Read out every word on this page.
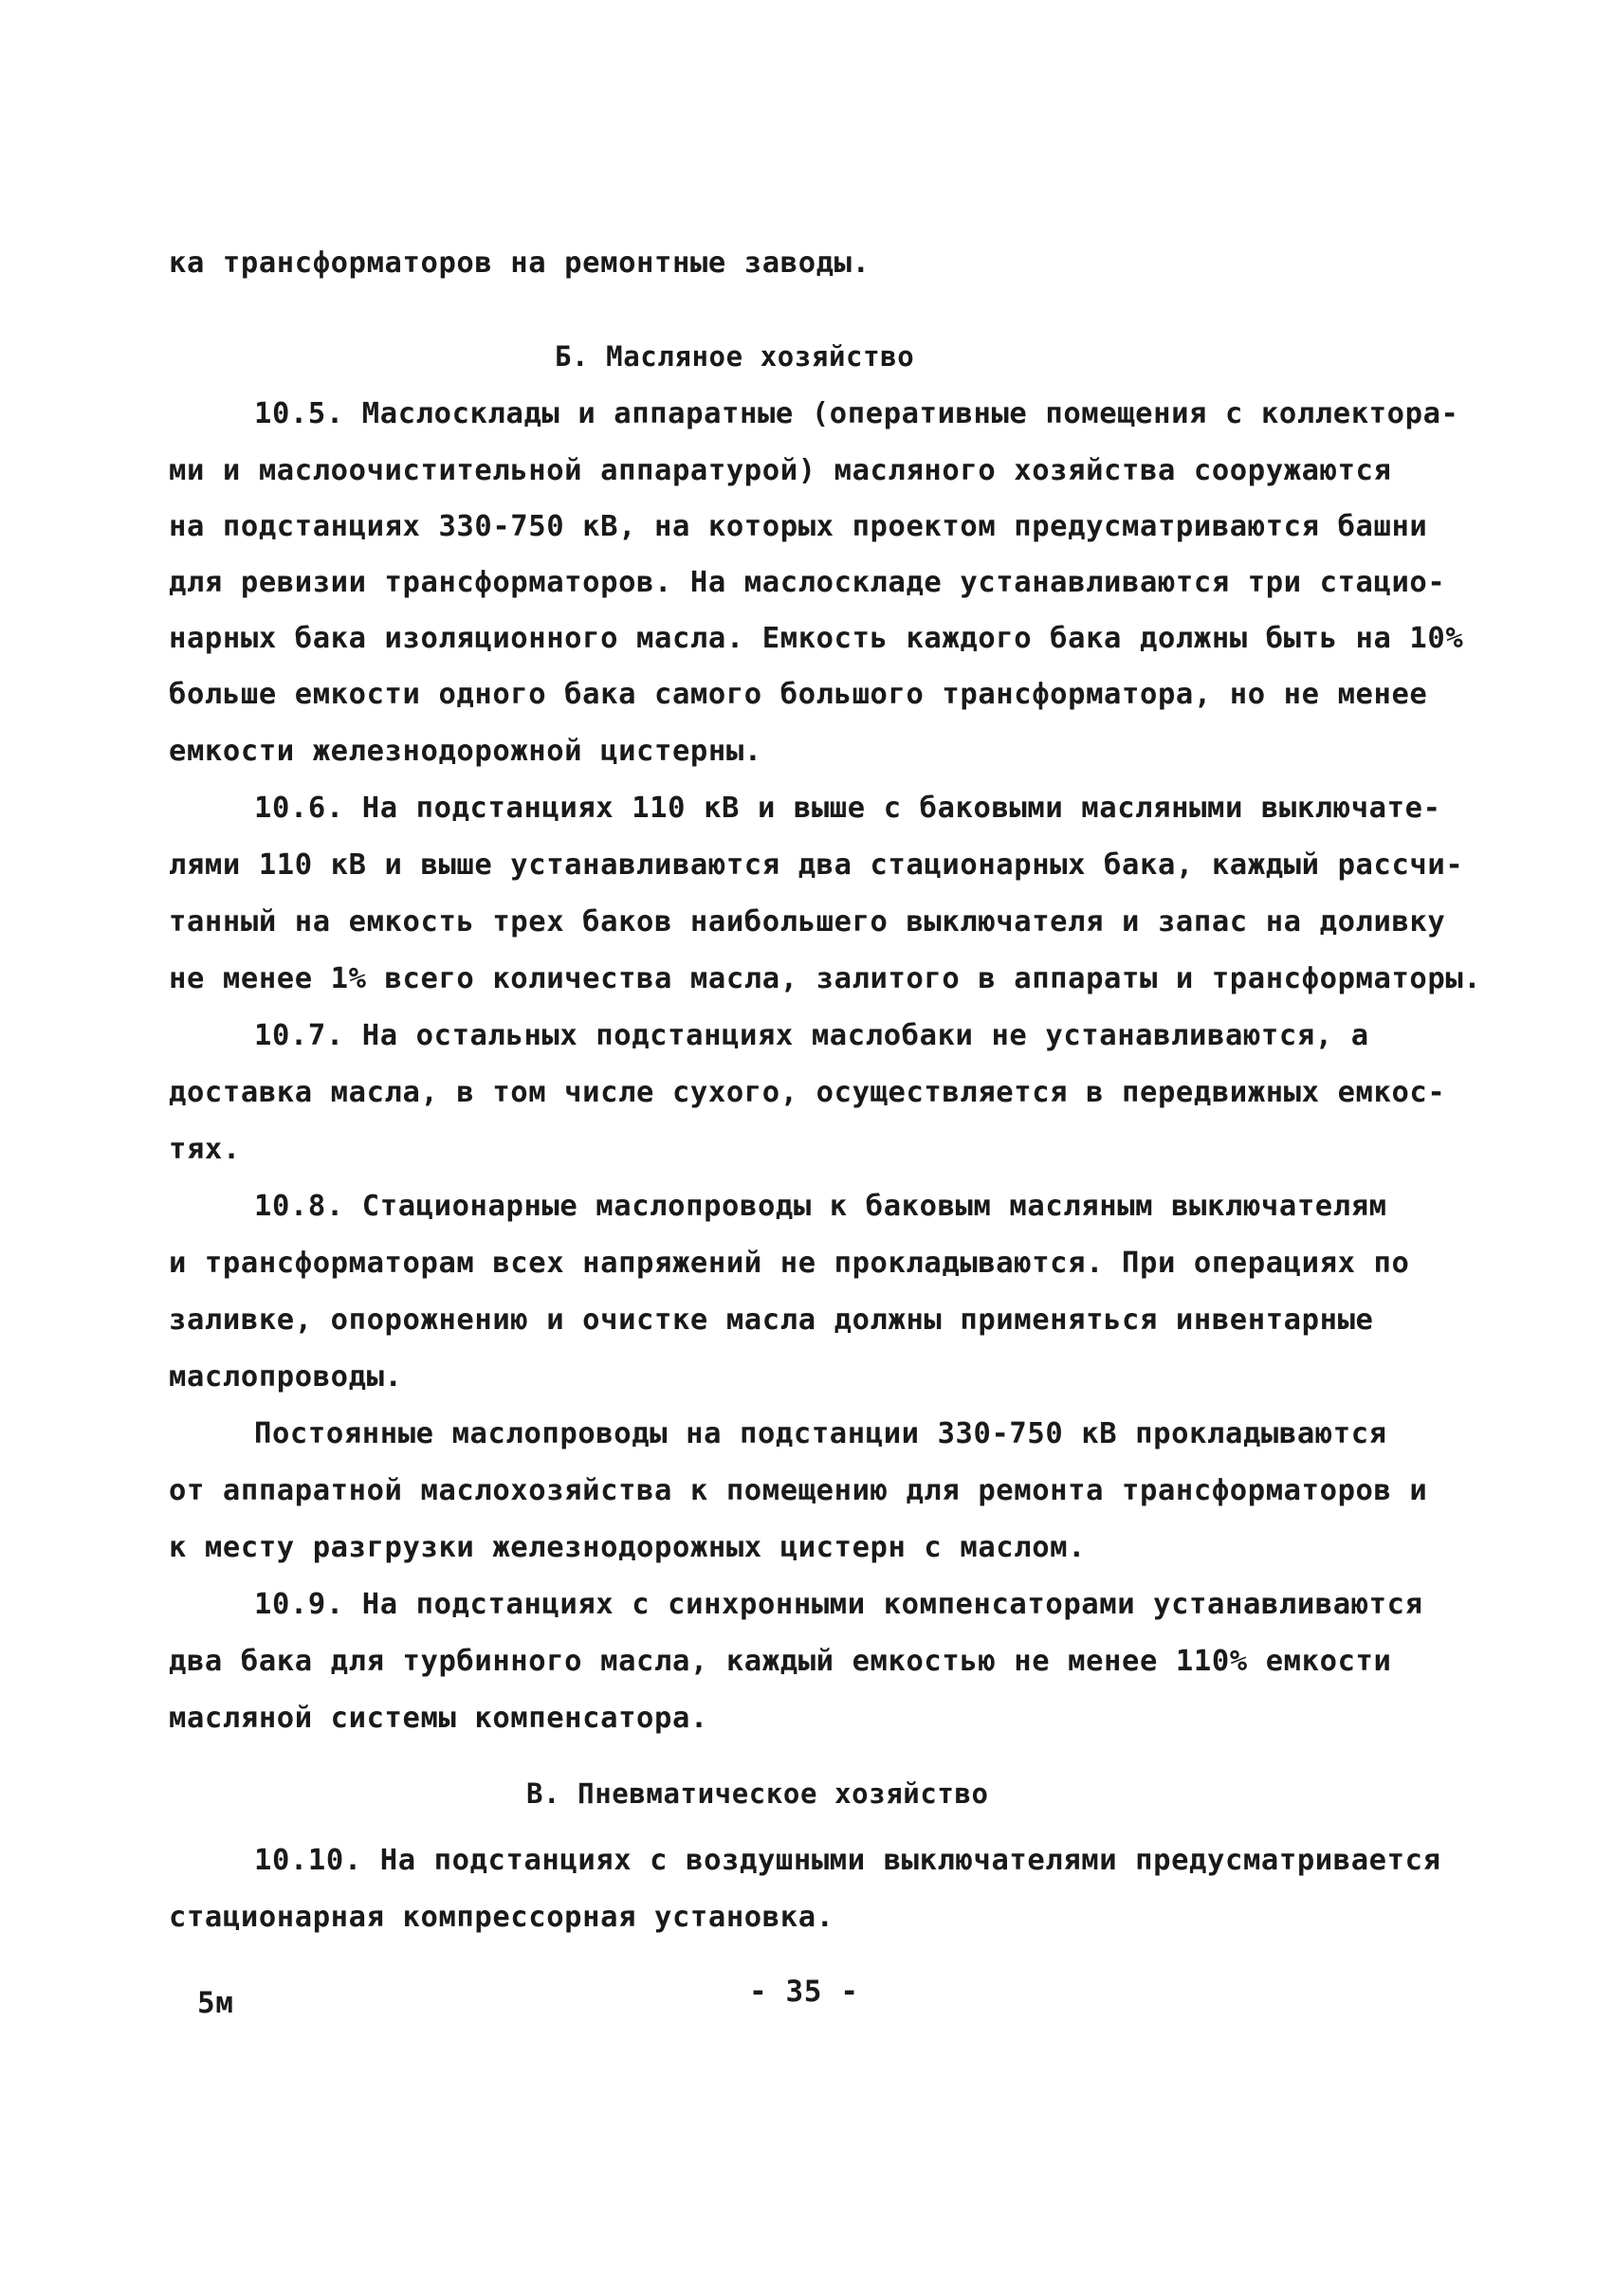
ка трансформаторов на ремонтные заводы.
Б. Масляное хозяйство
10.5. Маслосклады и аппаратные (оперативные помещения с коллектора-
ми и маслоочистительной аппаратурой) масляного хозяйства сооружаются
на подстанциях 330-750 кВ, на которых проектом предусматриваются башни
для ревизии трансформаторов. На маслоскладе устанавливаются три стацио-
нарных бака изоляционного масла. Емкость каждого бака должны быть на 10%
больше емкости одного бака самого большого трансформатора, но не менее
емкости железнодорожной цистерны.
10.6. На подстанциях 110 кВ и выше с баковыми масляными выключате-
лями 110 кВ и выше устанавливаются два стационарных бака, каждый рассчи-
танный на емкость трех баков наибольшего выключателя и запас на доливку
не менее 1% всего количества масла, залитого в аппараты и трансформаторы.
10.7. На остальных подстанциях маслобаки не устанавливаются, а
доставка масла, в том числе сухого, осуществляется в передвижных емкос-
тях.
10.8. Стационарные маслопроводы к баковым масляным выключателям
и трансформаторам всех напряжений не прокладываются. При операциях по
заливке, опорожнению и очистке масла должны применяться инвентарные
маслопроводы.
Постоянные маслопроводы на подстанции 330-750 кВ прокладываются
от аппаратной маслохозяйства к помещению для ремонта трансформаторов и
к месту разгрузки железнодорожных цистерн с маслом.
10.9. На подстанциях с синхронными компенсаторами устанавливаются
два бака для турбинного масла, каждый емкостью не менее 110% емкости
масляной системы компенсатора.
В. Пневматическое хозяйство
10.10. На подстанциях с воздушными выключателями предусматривается
стационарная компрессорная установка.
- 35 -
5м
